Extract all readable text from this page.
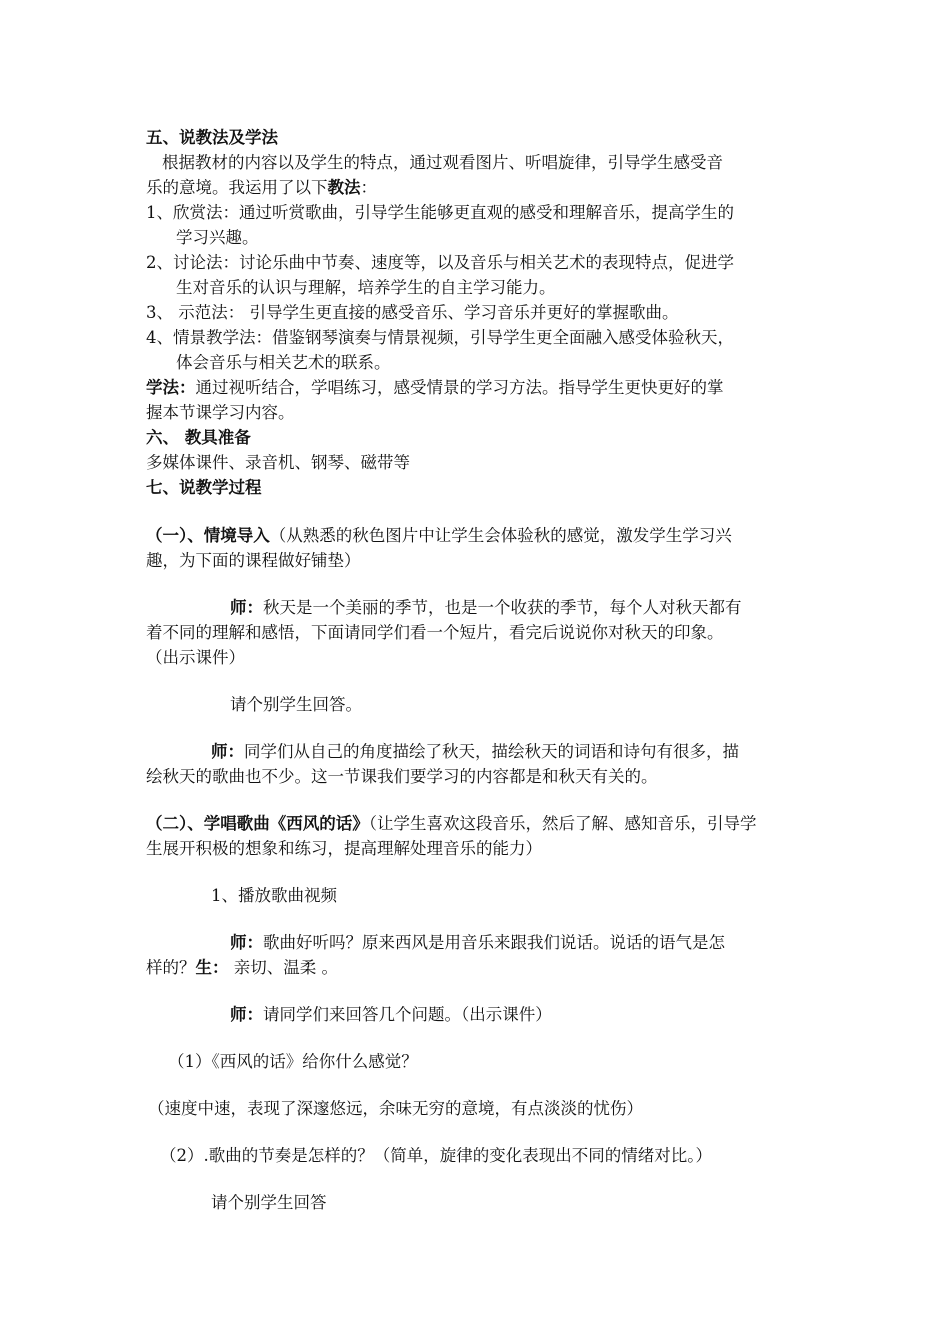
五、说教法及学法
根据教材的内容以及学生的特点，通过观看图片、听唱旋律，引导学生感受音
乐的意境。我运用了以下教法：
1、欣赏法：通过听赏歌曲，引导学生能够更直观的感受和理解音乐，提高学生的
学习兴趣。
2、讨论法：讨论乐曲中节奏、速度等，以及音乐与相关艺术的表现特点，促进学
生对音乐的认识与理解，培养学生的自主学习能力。
3、 示范法： 引导学生更直接的感受音乐、学习音乐并更好的掌握歌曲。
4、情景教学法：借鉴钢琴演奏与情景视频，引导学生更全面融入感受体验秋天，
体会音乐与相关艺术的联系。
学法：通过视听结合，学唱练习，感受情景的学习方法。指导学生更快更好的掌
握本节课学习内容。
六、 教具准备
多媒体课件、录音机、钢琴、磁带等
七、说教学过程
（一）、情境导入（从熟悉的秋色图片中让学生会体验秋的感觉，激发学生学习兴
趣，为下面的课程做好铺垫）
师：秋天是一个美丽的季节，也是一个收获的季节，每个人对秋天都有
着不同的理解和感悟，下面请同学们看一个短片，看完后说说你对秋天的印象。
（出示课件）
请个别学生回答。
师：同学们从自己的角度描绘了秋天，描绘秋天的词语和诗句有很多，描
绘秋天的歌曲也不少。这一节课我们要学习的内容都是和秋天有关的。
（二）、学唱歌曲《西风的话》（让学生喜欢这段音乐，然后了解、感知音乐，引导学
生展开积极的想象和练习，提高理解处理音乐的能力）
1、播放歌曲视频
师：歌曲好听吗？原来西风是用音乐来跟我们说话。说话的语气是怎
样的？生： 亲切、温柔 。
师：请同学们来回答几个问题。（出示课件）
（1）《西风的话》给你什么感觉？
（速度中速，表现了深邃悠远，余味无穷的意境，有点淡淡的忧伤）
（2）.歌曲的节奏是怎样的？（简单，旋律的变化表现出不同的情绪对比。）
请个别学生回答
